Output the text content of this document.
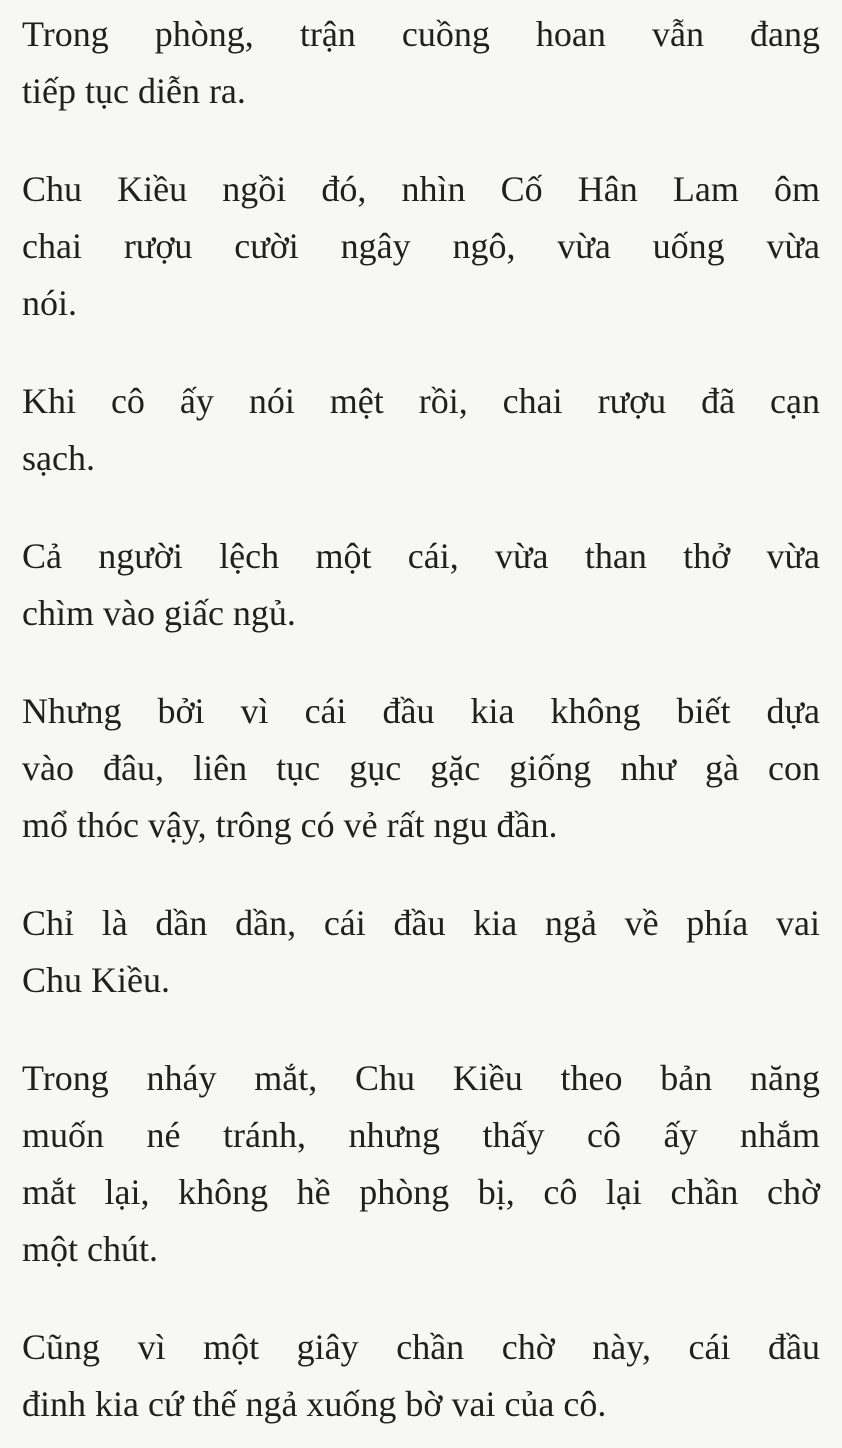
Trong phòng, trận cuồng hoan vẫn đang
tiếp tục diễn ra.

Chu Kiều ngồi đó, nhìn Cố Hân Lam ôm
chai rượu cười ngây ngô, vừa uống vừa
nói.

Khi cô ấy nói mệt rồi, chai rượu đã cạn
sạch.

Cả người lệch một cái, vừa than thở vừa
chìm vào giấc ngủ.

Nhưng bởi vì cái đầu kia không biết dựa
vào đâu, liên tục gục gặc giống như gà con
mổ thóc vậy, trông có vẻ rất ngu đần.

Chỉ là dần dần, cái đầu kia ngả về phía vai
Chu Kiều.

Trong nháy mắt, Chu Kiều theo bản năng
muốn né tránh, nhưng thấy cô ấy nhắm
mắt lại, không hề phòng bị, cô lại chần chờ
một chút.

Cũng vì một giây chần chờ này, cái đầu
đinh kia cứ thế ngả xuống bờ vai của cô.
